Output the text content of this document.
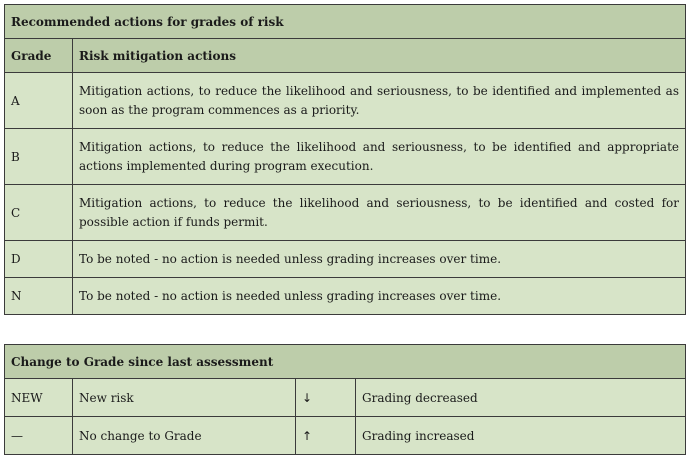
Recommended actions for grades of risk	
Grade	Risk mitigation actions
A	Mitigation actions, to reduce the likelihood and seriousness, to be identified and implemented as soon as the program commences as a priority.
B	Mitigation actions, to reduce the likelihood and seriousness, to be identified and appropriate actions implemented during program execution.
C	Mitigation actions, to reduce the likelihood and seriousness, to be identified and costed for possible action if funds permit.
D	To be noted - no action is needed unless grading increases over time.
N	To be noted - no action is needed unless grading increases over time.
Change to Grade since last assessment			
NEW	New risk	↓	Grading decreased
—	No change to Grade	↑	Grading increased
